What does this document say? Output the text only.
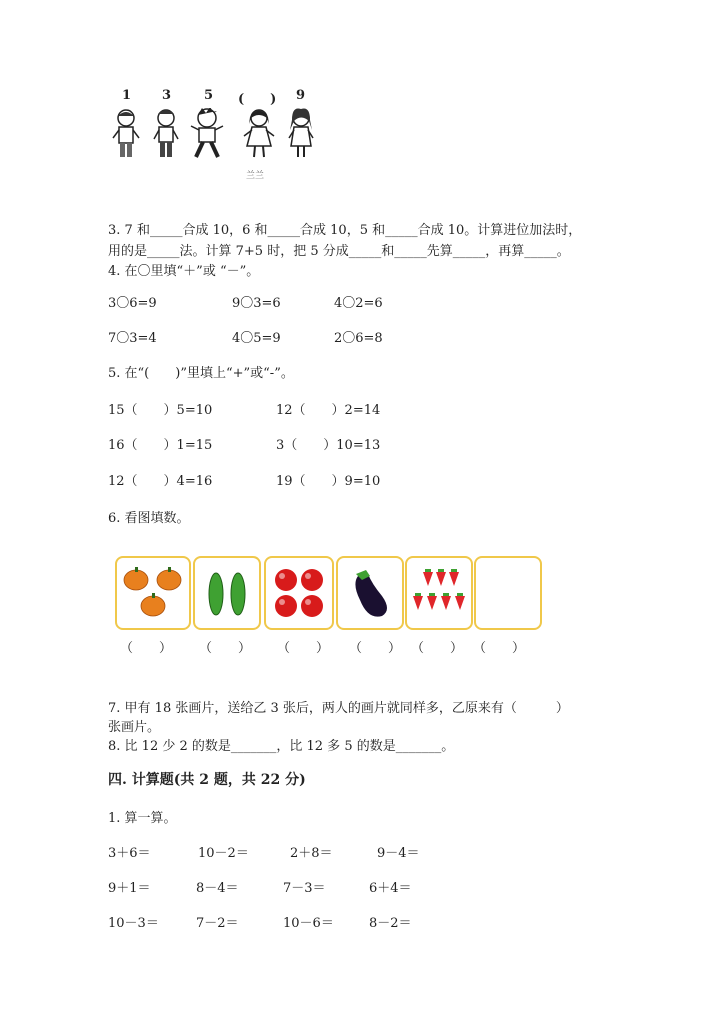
1 3	5 (　　) 9
兰兰
3. 7 和_____合成 10，6 和_____合成 10，5 和_____合成 10。计算进位加法时，
用的是_____法。计算 7+5 时，把 5 分成_____和_____先算_____，再算_____。
4. 在〇里填“＋”或 “－”。
3〇6=9	9〇3=6	4〇2=6
7〇3=4	4〇5=9	2〇6=8
5. 在“(　　)”里填上“+”或“-”。
15（　　）5=10	12（　　）2=14
16（　　）1=15	3（　　）10=13
12（　　）4=16	19（　　）9=10
6. 看图填数。
（　　） （　　） （　　） （　　） （　　） （　　）
7. 甲有 18 张画片，送给乙 3 张后，两人的画片就同样多，乙原来有（　　　）
张画片。
8. 比 12 少 2 的数是_______，比 12 多 5 的数是_______。
四. 计算题(共 2 题，共 22 分)
1. 算一算。
3＋6＝	10－2＝	2＋8＝	9－4＝
9＋1＝	8－4＝	7－3＝	6＋4＝
10－3＝	7－2＝	10－6＝	8－2＝
